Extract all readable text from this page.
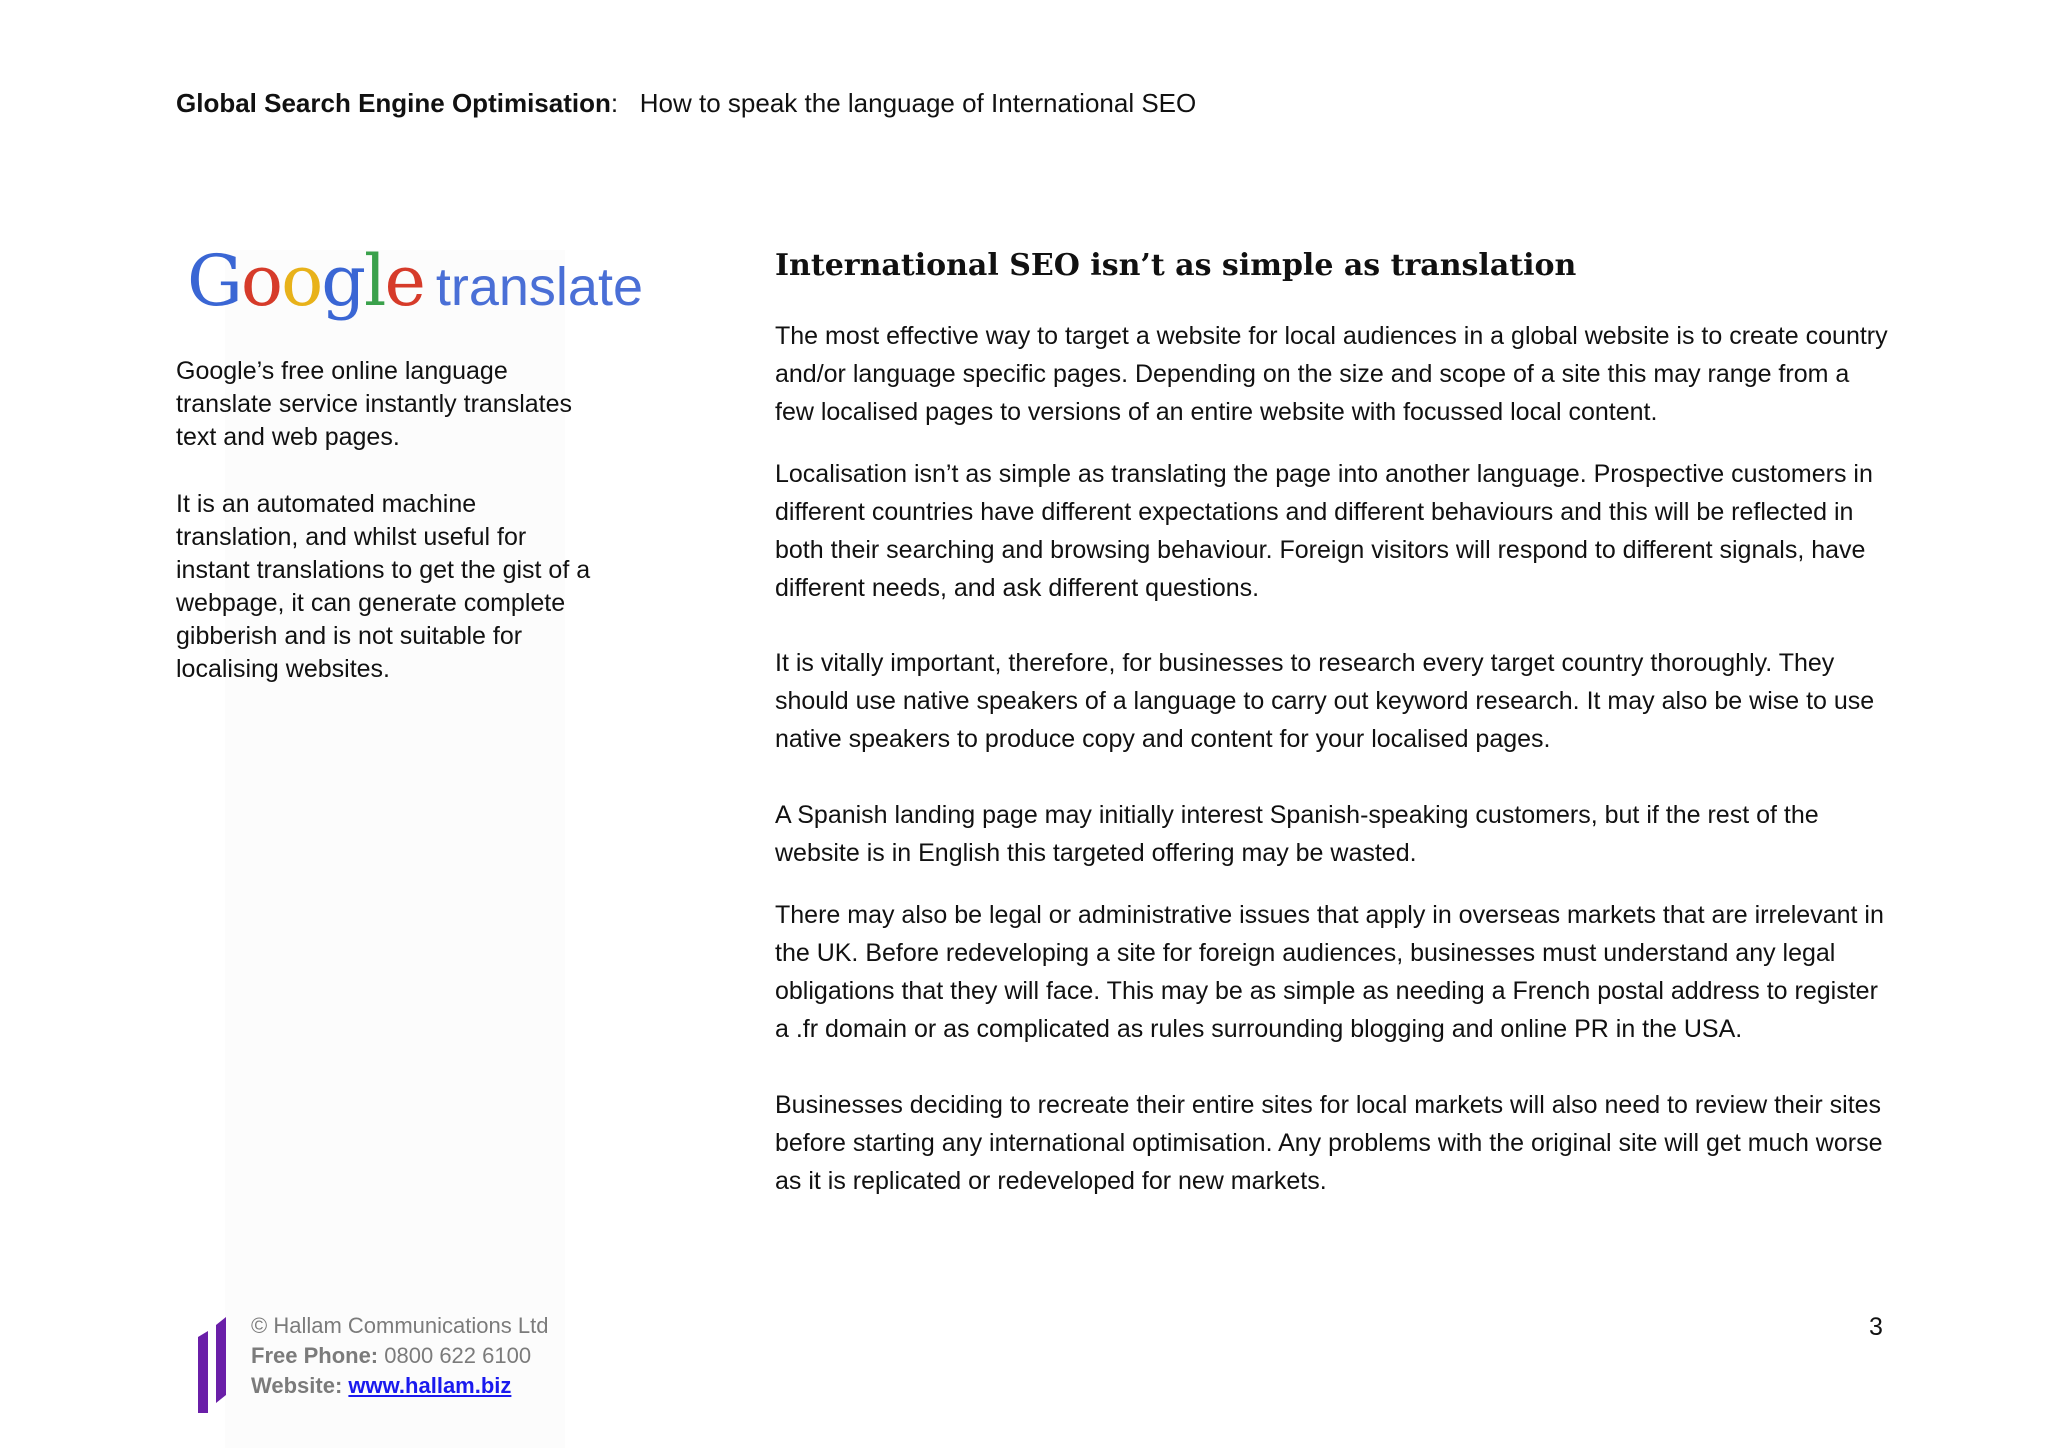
Global Search Engine Optimisation: How to speak the language of International SEO
Google translate
Google’s free online language translate service instantly translates text and web pages.
It is an automated machine translation, and whilst useful for instant translations to get the gist of a webpage, it can generate complete gibberish and is not suitable for localising websites.
International SEO isn’t as simple as translation
The most effective way to target a website for local audiences in a global website is to create country and/or language specific pages. Depending on the size and scope of a site this may range from a few localised pages to versions of an entire website with focussed local content.
Localisation isn’t as simple as translating the page into another language. Prospective customers in different countries have different expectations and different behaviours and this will be reflected in both their searching and browsing behaviour. Foreign visitors will respond to different signals, have different needs, and ask different questions.
It is vitally important, therefore, for businesses to research every target country thoroughly. They should use native speakers of a language to carry out keyword research. It may also be wise to use native speakers to produce copy and content for your localised pages.
A Spanish landing page may initially interest Spanish-speaking customers, but if the rest of the website is in English this targeted offering may be wasted.
There may also be legal or administrative issues that apply in overseas markets that are irrelevant in the UK. Before redeveloping a site for foreign audiences, businesses must understand any legal obligations that they will face. This may be as simple as needing a French postal address to register a .fr domain or as complicated as rules surrounding blogging and online PR in the USA.
Businesses deciding to recreate their entire sites for local markets will also need to review their sites before starting any international optimisation. Any problems with the original site will get much worse as it is replicated or redeveloped for new markets.
© Hallam Communications Ltd
Free Phone: 0800 622 6100
Website: www.hallam.biz
3
